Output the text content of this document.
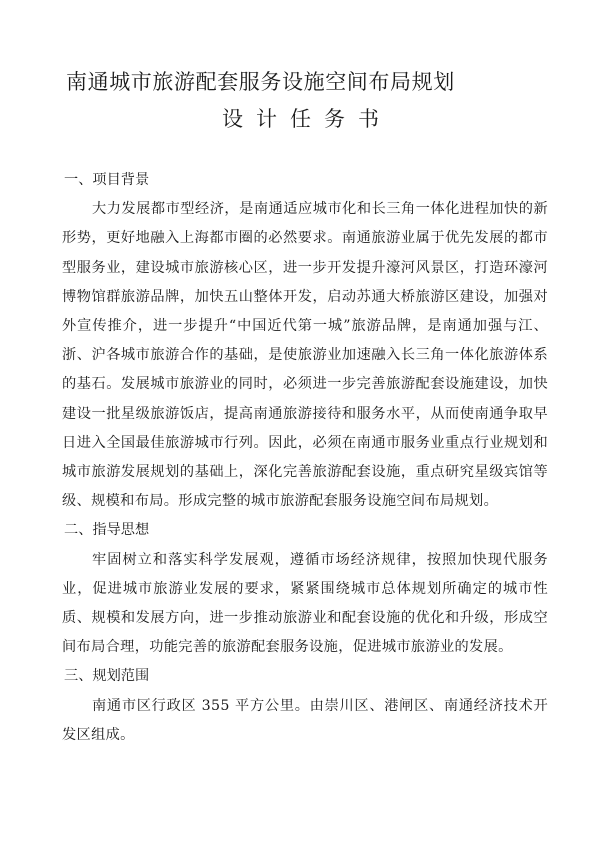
南通城市旅游配套服务设施空间布局规划
设计任务书
一、项目背景

大力发展都市型经济，是南通适应城市化和长三角一体化进程加快的新形势，更好地融入上海都市圈的必然要求。南通旅游业属于优先发展的都市型服务业，建设城市旅游核心区，进一步开发提升濠河风景区，打造环濠河博物馆群旅游品牌，加快五山整体开发，启动苏通大桥旅游区建设，加强对外宣传推介，进一步提升“中国近代第一城”旅游品牌，是南通加强与江、浙、沪各城市旅游合作的基础，是使旅游业加速融入长三角一体化旅游体系的基石。发展城市旅游业的同时，必须进一步完善旅游配套设施建设，加快建设一批星级旅游饭店，提高南通旅游接待和服务水平，从而使南通争取早日进入全国最佳旅游城市行列。因此，必须在南通市服务业重点行业规划和城市旅游发展规划的基础上，深化完善旅游配套设施，重点研究星级宾馆等级、规模和布局。形成完整的城市旅游配套服务设施空间布局规划。

二、指导思想

牢固树立和落实科学发展观，遵循市场经济规律，按照加快现代服务业，促进城市旅游业发展的要求，紧紧围绕城市总体规划所确定的城市性质、规模和发展方向，进一步推动旅游业和配套设施的优化和升级，形成空间布局合理，功能完善的旅游配套服务设施，促进城市旅游业的发展。

三、规划范围

南通市区行政区 355 平方公里。由崇川区、港闸区、南通经济技术开发区组成。
